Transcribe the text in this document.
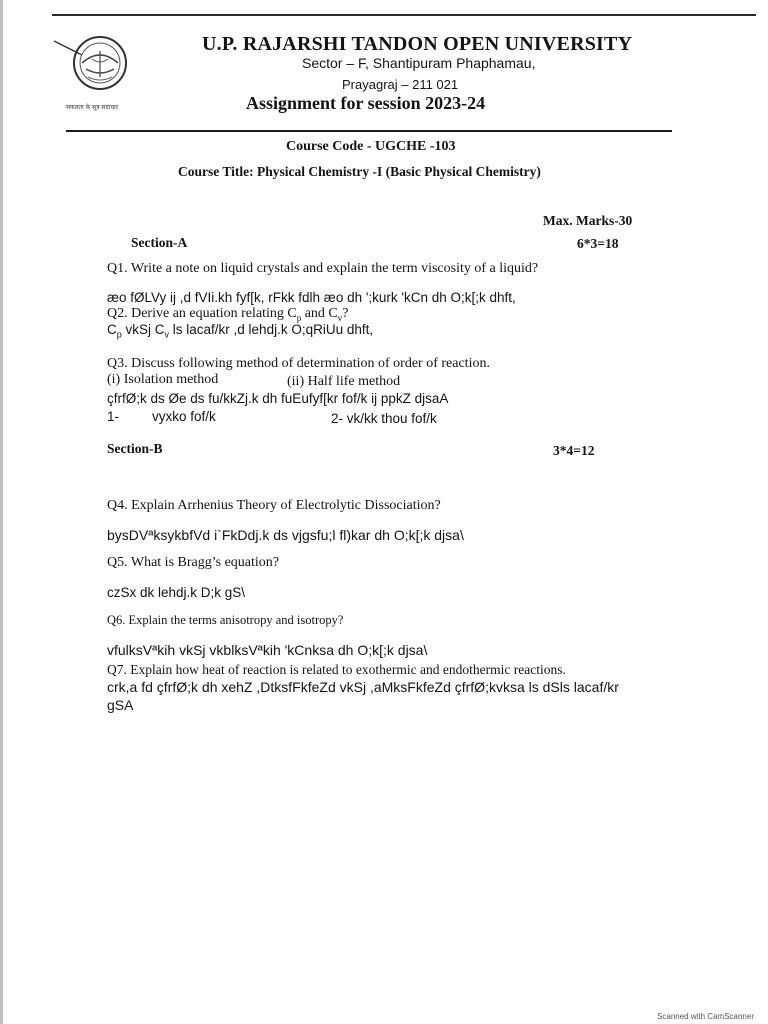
सफलता के सूत्र सदाचार
U.P. RAJARSHI TANDON OPEN UNIVERSITY
Sector – F, Shantipuram Phaphamau,
Prayagraj – 211 021
Assignment for session 2023-24
Course Code - UGCHE -103
Course Title: Physical Chemistry -I (Basic Physical Chemistry)
Max. Marks-30
Section-A	6*3=18
Q1. Write a note on liquid crystals and explain the term viscosity of a liquid?
æo fØLVy ij ,d fVIi.kh fyf[k, rFkk fdlh æo dh ';kurk 'kCn dh O;k[;k dhft,
Q2. Derive an equation relating $C_p$ and $C_v$?
$C_p$ vkSj $C_v$ ls lacaf/kr ,d lehdj.k O;qRiUu dhft,
Q3. Discuss following method of determination of order of reaction.
(i) Isolation method	(ii) Half life method
çfrfØ;k ds Øe ds fu/kkZj.k dh fuEufyf[kr fof/k ij ppkZ djsaA
1- vyxko fof/k	2- vk/kk thou fof/k
Section-B	3*4=12
Q4. Explain Arrhenius Theory of Electrolytic Dissociation?
bysDVªksykbfVd i`FkDdj.k ds vjgsfu;l fl)kar dh O;k[;k djsa\
Q5. What is Bragg’s equation?
czSx dk lehdj.k D;k gS\
Q6. Explain the terms anisotropy and isotropy?
vfulksVªkih vkSj vkblksVªkih 'kCnksa dh O;k[;k djsa\
Q7. Explain how heat of reaction is related to exothermic and endothermic reactions.
crk,a fd çfrfØ;k dh xehZ ,DtksfFkfeZd vkSj ,aMksFkfeZd çfrfØ;kvksa ls dSls lacaf/kr
gSA
Scanned with CamScanner
